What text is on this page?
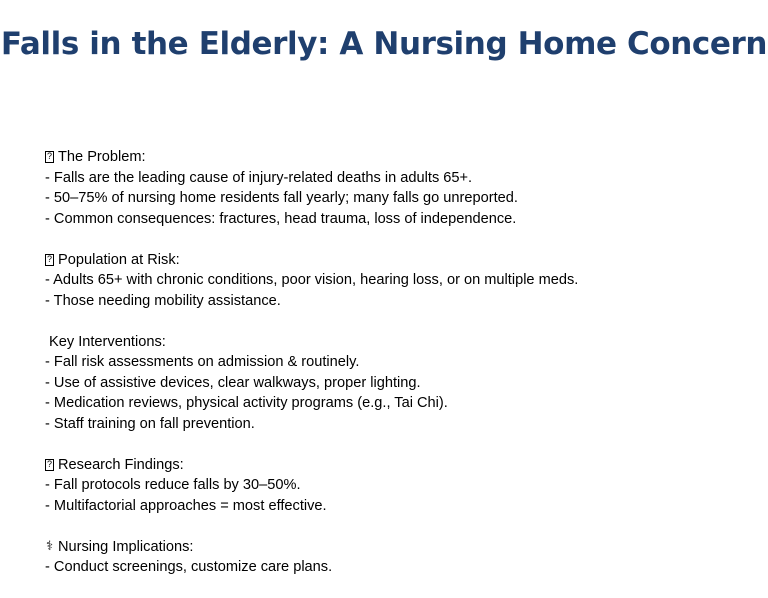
Falls in the Elderly: A Nursing Home Concern
?
The Problem:
- Falls are the leading cause of injury-related deaths in adults 65+.
- 50–75% of nursing home residents fall yearly; many falls go unreported.
- Common consequences: fractures, head trauma, loss of independence.
?
Population at Risk:
- Adults 65+ with chronic conditions, poor vision, hearing loss, or on multiple meds.
- Those needing mobility assistance.
Key Interventions:
- Fall risk assessments on admission & routinely.
- Use of assistive devices, clear walkways, proper lighting.
- Medication reviews, physical activity programs (e.g., Tai Chi).
- Staff training on fall prevention.
?
Research Findings:
- Fall protocols reduce falls by 30–50%.
- Multifactorial approaches = most effective.
⚕ Nursing Implications:
- Conduct screenings, customize care plans.
